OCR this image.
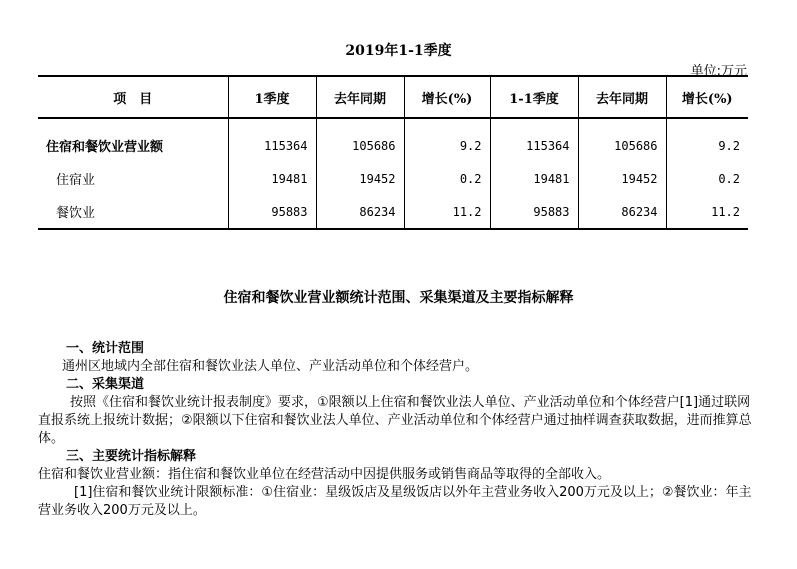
2019年1-1季度
单位:万元
项　目	1季度	去年同期	增长(%)	1-1季度	去年同期	增长(%)
住宿和餐饮业营业额	115364	105686	9.2	115364	105686	9.2
住宿业	19481	19452	0.2	19481	19452	0.2
餐饮业	95883	86234	11.2	95883	86234	11.2
住宿和餐饮业营业额统计范围、采集渠道及主要指标解释

一、统计范围

通州区地域内全部住宿和餐饮业法人单位、产业活动单位和个体经营户。

二、采集渠道

按照《住宿和餐饮业统计报表制度》要求，①限额以上住宿和餐饮业法人单位、产业活动单位和个体经营户[1]通过联网直报系统上报统计数据；②限额以下住宿和餐饮业法人单位、产业活动单位和个体经营户通过抽样调查获取数据，进而推算总体。

三、主要统计指标解释

住宿和餐饮业营业额：指住宿和餐饮业单位在经营活动中因提供服务或销售商品等取得的全部收入。

[1]住宿和餐饮业统计限额标准：①住宿业：星级饭店及星级饭店以外年主营业务收入200万元及以上；②餐饮业：年主营业务收入200万元及以上。
